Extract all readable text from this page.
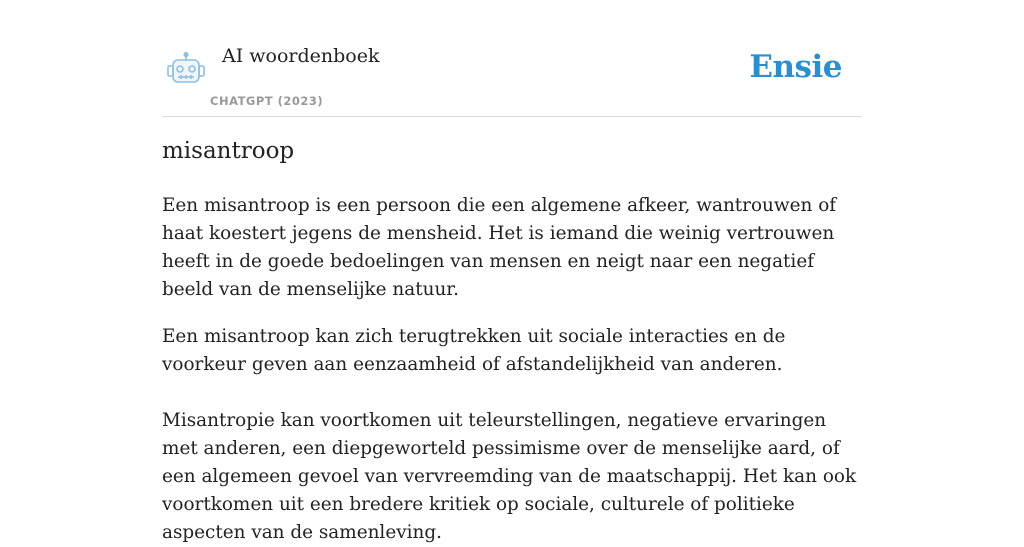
AI woordenboek
CHATGPT (2023)
Ensie
misantroop

Een misantroop is een persoon die een algemene afkeer, wantrouwen of haat koestert jegens de mensheid. Het is iemand die weinig vertrouwen heeft in de goede bedoelingen van mensen en neigt naar een negatief beeld van de menselijke natuur.

Een misantroop kan zich terugtrekken uit sociale interacties en de voorkeur geven aan eenzaamheid of afstandelijkheid van anderen.

Misantropie kan voortkomen uit teleurstellingen, negatieve ervaringen met anderen, een diepgeworteld pessimisme over de menselijke aard, of een algemeen gevoel van vervreemding van de maatschappij. Het kan ook voortkomen uit een bredere kritiek op sociale, culturele of politieke aspecten van de samenleving.
